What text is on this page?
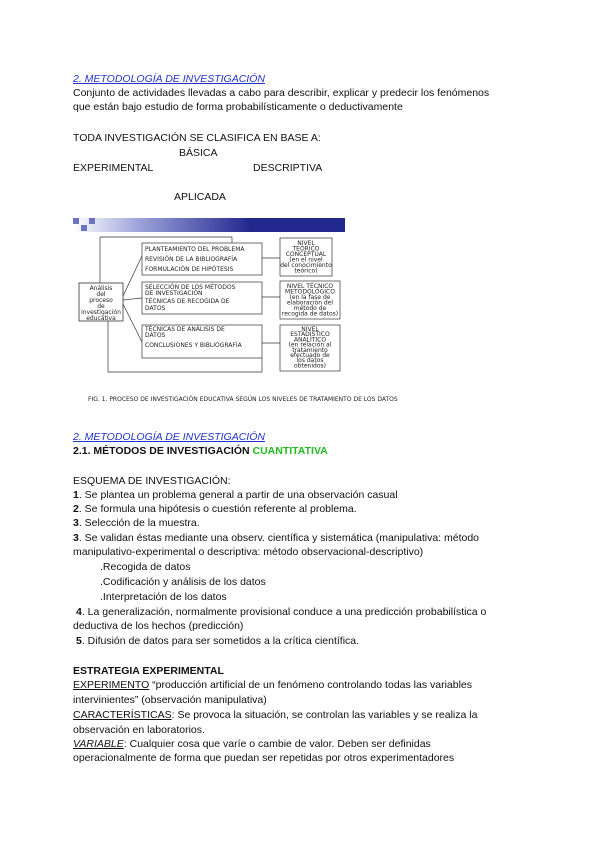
2. METODOLOGÍA DE INVESTIGACIÓN
Conjunto de actividades llevadas a cabo para describir, explicar y predecir los fenómenos
que están bajo estudio de forma probabilísticamente o deductivamente
TODA INVESTIGACIÓN SE CLASIFICA EN BASE A:
BÁSICA
EXPERIMENTAL	DESCRIPTIVA
APLICADA
Análisis
del
proceso
de
investigación
educativa
PLANTEAMIENTO DEL PROBLEMA
REVISIÓN DE LA BIBLIOGRAFÍA
FORMULACIÓN DE HIPÓTESIS
SELECCIÓN DE LOS MÉTODOS
DE INVESTIGACIÓN
TÉCNICAS DE RECOGIDA DE
DATOS
TÉCNICAS DE ANÁLISIS DE
DATOS
CONCLUSIONES Y BIBLIOGRAFÍA
NIVEL
TEÓRICO
CONCEPTUAL
(en el nivel
del conocimiento
teórico)
NIVEL TÉCNICO
METODOLÓGICO
(en la fase de
elaboración del
método de
recogida de datos)
NIVEL
ESTADÍSTICO
ANALÍTICO
(en relación al
tratamiento
efectuado de
los datos
obtenidos)
FIG. 1. PROCESO DE INVESTIGACIÓN EDUCATIVA SEGÚN LOS NIVELES DE TRATAMIENTO DE LOS DATOS
2. METODOLOGÍA DE INVESTIGACIÓN
2.1. MÉTODOS DE INVESTIGACIÓN CUANTITATIVA
ESQUEMA DE INVESTIGACIÓN:
1. Se plantea un problema general a partir de una observación casual
2. Se formula una hipótesis o cuestión referente al problema.
3. Selección de la muestra.
3. Se validan éstas mediante una observ. científica y sistemática (manipulativa: método
manipulativo-experimental o descriptiva: método observacional-descriptivo)
.Recogida de datos
.Codificación y análisis de los datos
.Interpretación de los datos
4. La generalización, normalmente provisional conduce a una predicción probabilística o
deductiva de los hechos (predicción)
5. Difusión de datos para ser sometidos a la crítica científica.
ESTRATEGIA EXPERIMENTAL
EXPERIMENTO “producción artificial de un fenómeno controlando todas las variables
intervinientes” (observación manipulativa)
CARACTERÍSTICAS: Se provoca la situación, se controlan las variables y se realiza la
observación en laboratorios.
VARIABLE: Cualquier cosa que varíe o cambie de valor. Deben ser definidas
operacionalmente de forma que puedan ser repetidas por otros experimentadores
